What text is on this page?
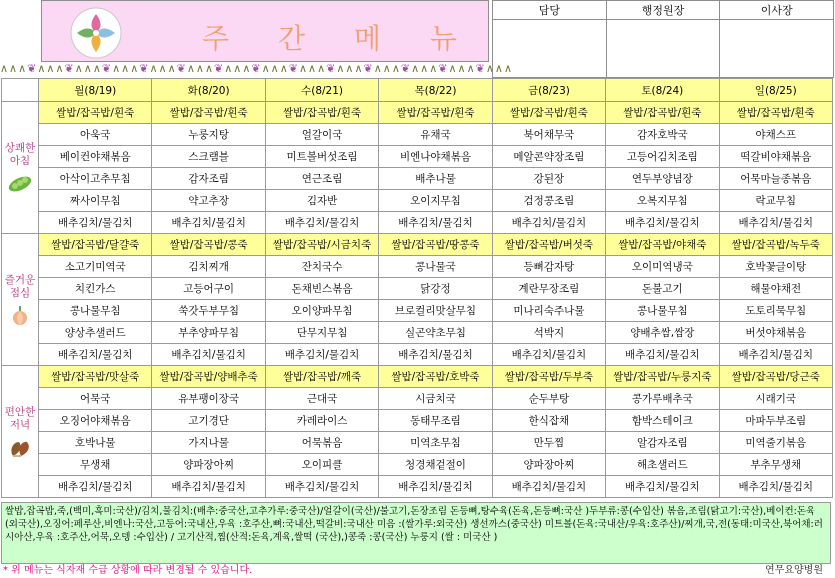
주 간 메 뉴
∧∧∧❦∧∧∧❦∧∧∧❦∧∧∧❦∧∧∧❦∧∧∧❦∧∧∧❦∧∧∧❦∧∧∧❦∧∧∧❦∧∧∧❦∧∧∧❦∧∧∧❦∧∧∧
담당	행정원장	이사장

	월(8/19)	화(8/20)	수(8/21)	목(8/22)	금(8/23)	토(8/24)	일(8/25)
상쾌한
아침	쌀밥/잡곡밥/흰죽	쌀밥/잡곡밥/흰죽	쌀밥/잡곡밥/흰죽	쌀밥/잡곡밥/흰죽	쌀밥/잡곡밥/흰죽	쌀밥/잡곡밥/흰죽	쌀밥/잡곡밥/흰죽
	아욱국	누룽지탕	얼갈이국	유채국	북어채무국	감자호박국	야채스프
	베이컨야채볶음	스크램블	미트볼버섯조림	비엔나야채볶음	메알콘약장조림	고등어김치조림	떡갈비야채볶음
	아삭이고추무침	감자조림	연근조림	배추나물	강된장	연두부양념장	어묵마늘종볶음
	짜사이무침	약고추장	김자반	오이지무침	검정콩조림	오복지무침	락교무침
	배추김치/물김치	배추김치/물김치	배추김치/물김치	배추김치/물김치	배추김치/물김치	배추김치/물김치	배추김치/물김치
즐거운
점심	쌀밥/잡곡밥/달걀죽	쌀밥/잡곡밥/콩죽	쌀밥/잡곡밥/시금치죽	쌀밥/잡곡밥/땅콩죽	쌀밥/잡곡밥/버섯죽	쌀밥/잡곡밥/야채죽	쌀밥/잡곡밥/녹두죽
	소고기미역국	김치찌개	잔치국수	콩나물국	등뼈감자탕	오이미역냉국	호박꽃글이탕
	치킨가스	고등어구이	돈채빈스볶음	닭강정	계란무장조림	돈불고기	해물야채전
	콩나물무침	쑥갓두부무침	오이양파무침	브로컬리맛살무침	미나리숙주나물	콩나물무침	도토리묵무침
	양상추샐러드	부추양파무침	단무지무침	실곤약초무침	석박지	양배추쌈,쌈장	버섯야채볶음
	배추김치/물김치	배추김치/물김치	배추김치/물김치	배추김치/물김치	배추김치/물김치	배추김치/물김치	배추김치/물김치
편안한
저녁	쌀밥/잡곡밥/맛살죽	쌀밥/잡곡밥/양배추죽	쌀밥/잡곡밥/깨죽	쌀밥/잡곡밥/호박죽	쌀밥/잡곡밥/두부죽	쌀밥/잡곡밥/누룽지죽	쌀밥/잡곡밥/당근죽
	어묵국	유부팽이장국	근대국	시금치국	순두부탕	콩가루배추국	시래기국
	오징어야채볶음	고기경단	카레라이스	동태무조림	한식잡채	함박스테이크	마파두부조림
	호박나물	가지나물	어묵볶음	미역초무침	만두찜	알감자조림	미역줄기볶음
	무생채	양파장아찌	오이피클	청경채겉절이	양파장아찌	해초샐러드	부추무생채
	배추김치/물김치	배추김치/물김치	배추김치/물김치	배추김치/물김치	배추김치/물김치	배추김치/물김치	배추김치/물김치
쌀밥,잡곡밥,죽,(백미,흑미:국산)/김치,물김치:(배추:중국산,고추가루:중국산)/얼갈이(국산)/불고기,돈장조림 돈등뼈,탕수육(돈육,돈등뼈:국산 )두부류:콩(수입산) 볶음,조림(닭고기:국산),베이컨:돈육(외국산),오징어:페루산,비엔나:국산,고등어:국내산,우육 :호주산,뼈:국내산,떡갈비:국내산 미음 :(쌀가루:외국산) 생선까스(중국산) 미트볼(돈육:국내산/우육:호주산)/찌개,국,전(동태:미국산,북어채:러시아산,우육 :호주산,어묵,오뎅 :수입산) / 고기산적,찜(산적:돈육,계육,쌀떡 (국산),)콩죽 :콩(국산) 누룽지 (쌀 : 미국산 )
* 위 메뉴는 식자재 수급 상황에 따라 변경될 수 있습니다.	연무요양병원
